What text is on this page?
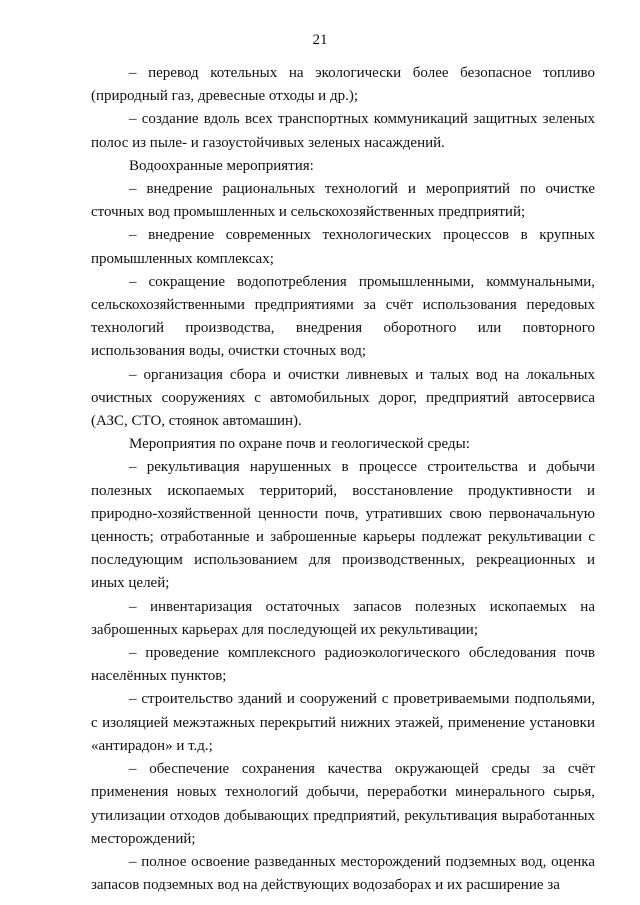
21

– перевод котельных на экологически более безопасное топливо (природный газ, древесные отходы и др.);

– создание вдоль всех транспортных коммуникаций защитных зеленых полос из пыле- и газоустойчивых зеленых насаждений.

Водоохранные мероприятия:

– внедрение рациональных технологий и мероприятий по очистке сточных вод промышленных и сельскохозяйственных предприятий;

– внедрение современных технологических процессов в крупных промышленных комплексах;

– сокращение водопотребления промышленными, коммунальными, сельскохозяйственными предприятиями за счёт использования передовых технологий производства, внедрения оборотного или повторного использования воды, очистки сточных вод;

– организация сбора и очистки ливневых и талых вод на локальных очистных сооружениях с автомобильных дорог, предприятий автосервиса (АЗС, СТО, стоянок автомашин).

Мероприятия по охране почв и геологической среды:

– рекультивация нарушенных в процессе строительства и добычи полезных ископаемых территорий, восстановление продуктивности и природно-хозяйственной ценности почв, утративших свою первоначальную ценность; отработанные и заброшенные карьеры подлежат рекультивации с последующим использованием для производственных, рекреационных и иных целей;

– инвентаризация остаточных запасов полезных ископаемых на заброшенных карьерах для последующей их рекультивации;

– проведение комплексного радиоэкологического обследования почв населённых пунктов;

– строительство зданий и сооружений с проветриваемыми подпольями, с изоляцией межэтажных перекрытий нижних этажей, применение установки «антирадон» и т.д.;

– обеспечение сохранения качества окружающей среды за счёт применения новых технологий добычи, переработки минерального сырья, утилизации отходов добывающих предприятий, рекультивация выработанных месторождений;

– полное освоение разведанных месторождений подземных вод, оценка запасов подземных вод на действующих водозаборах и их расширение за
